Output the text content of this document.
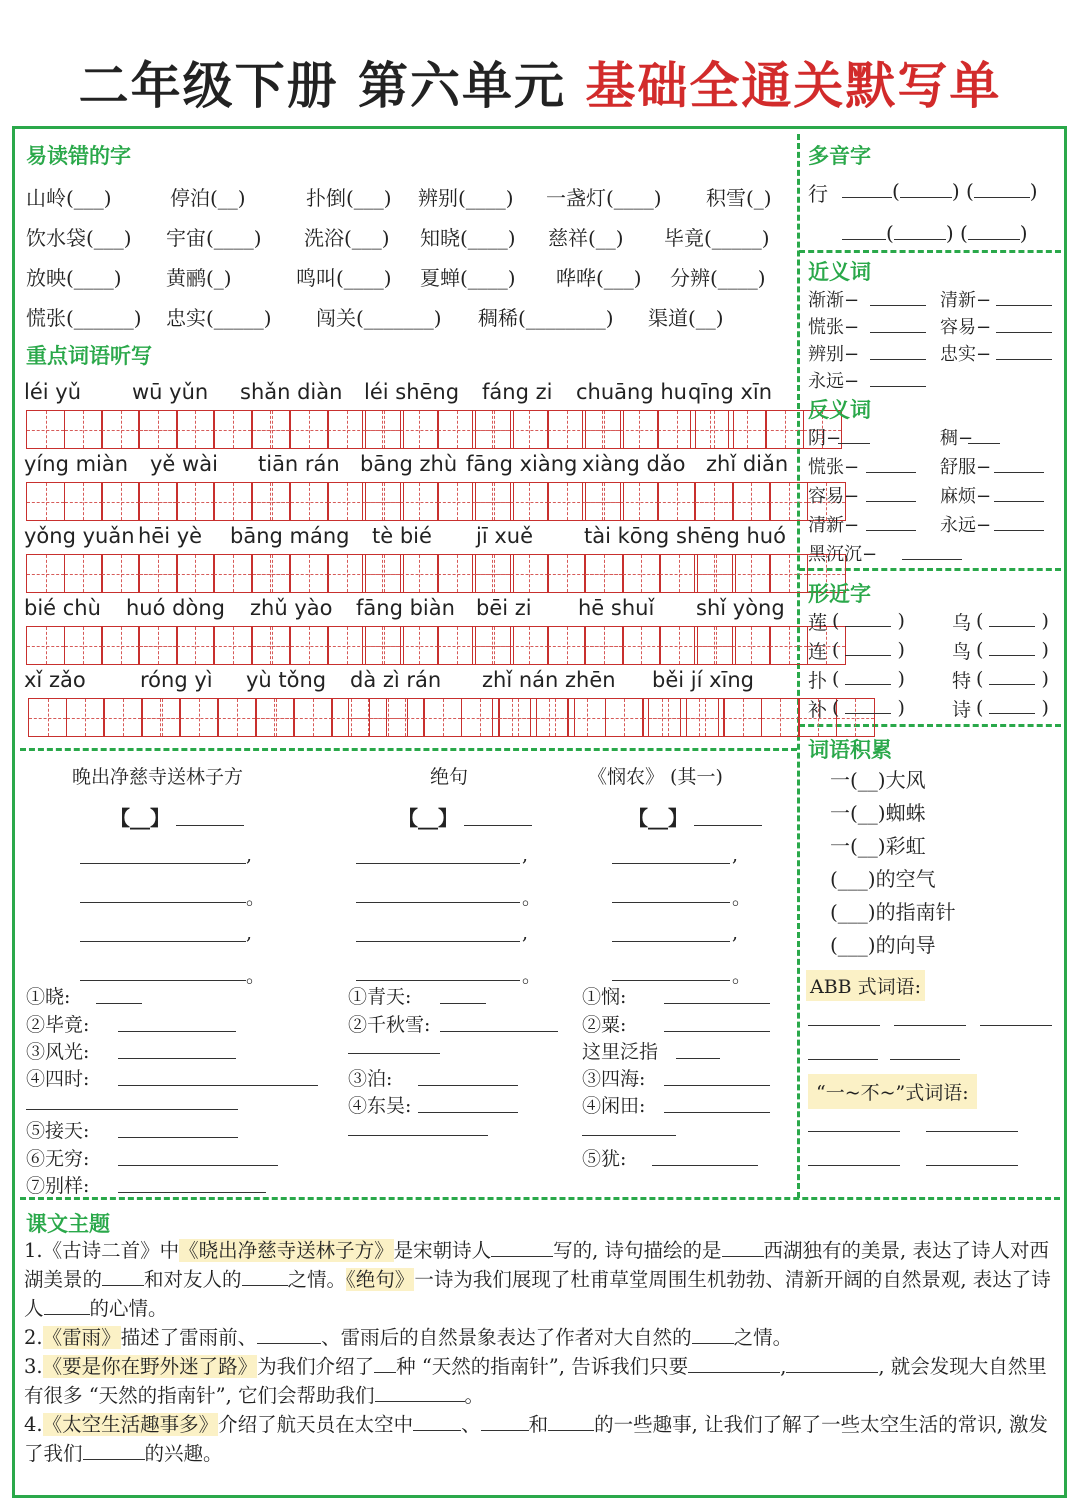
二年级下册 第六单元 基础全通关默写单
易读错的字
山岭(___)	停泊(__)	扑倒(___) 辨别(____) 一盏灯(____) 积雪(_)
饮水袋(___) 宇宙(____) 洗浴(___) 知晓(____) 慈祥(__) 毕竟(_____)
放映(____) 黄鹂(_)	鸣叫(____) 夏蝉(____) 哗哗(___) 分辨(____)
慌张(______) 忠实(_____) 闯关(_______) 稠稀(________) 渠道(__)
重点词语听写
léi yǔ wū yǔn shǎn diàn léi shēng fáng zi chuāng hu qīng xīn
yíng miàn yě wài tiān rán bāng zhù fāng xiàng xiàng dǎo zhǐ diǎn
yǒng yuǎn hēi yè bāng máng tè bié jī xuě tài kōng shēng huó
bié chù huó dòng zhǔ yào fāng biàn bēi zi hē shuǐ shǐ yòng
xǐ zǎo	róng yì yù tǒng dà zì rán zhǐ nán zhēn běi jí xīng
多音字
行	(	) (	)
(	) (	)
近义词
渐渐−	清新−
慌张−	容易−
辨别−	忠实−
永远−
反义词
阴−	稠−
慌张−	舒服−
容易−	麻烦−
清新−	永远−
黑沉沉−
形近字
莲 (  ) 乌 (  )
连 (  ) 鸟 (  )
扑 (  ) 特 (  )
补 (  ) 诗 (  )
词语积累
一(__)大风
一(__)蜘蛛
一(__)彩虹
(___)的空气
(___)的指南针
(___)的向导
ABB 式词语:
“一~不~”式词语:
晚出净慈寺送林子方
【__】
,
。
,
。
绝句
【__】
,
。
,
。
《悯农》 (其一)
【__】
,
。
,
。
①晓:
②毕竟:
③风光:
④四时:
⑤接天:
⑥无穷:
⑦别样:
①青天:
②千秋雪:
③泊:
④东吴:
①悯:
②粟:
这里泛指
③四海:
④闲田:
⑤犹:
课文主题
1.《古诗二首》中《晓出净慈寺送林子方》是宋朝诗人	写的, 诗句描绘的是 西湖独有的美景, 表达了诗人对西湖美景的 和对友人的 之情。《绝句》一诗为我们展现了杜甫草堂周围生机勃勃、清新开阔的自然景观, 表达了诗人 的心情。
2.《雷雨》描述了雷雨前、	、雷雨后的自然景象表达了作者对大自然的 之情。
3.《要是你在野外迷了路》为我们介绍了 种 “天然的指南针”, 告诉我们只要	,	, 就会发现大自然里有很多 “天然的指南针”, 它们会帮助我们	。
4.《太空生活趣事多》介绍了航天员在太空中 、 和 的一些趣事, 让我们了解了一些太空生活的常识, 激发了我们	的兴趣。
